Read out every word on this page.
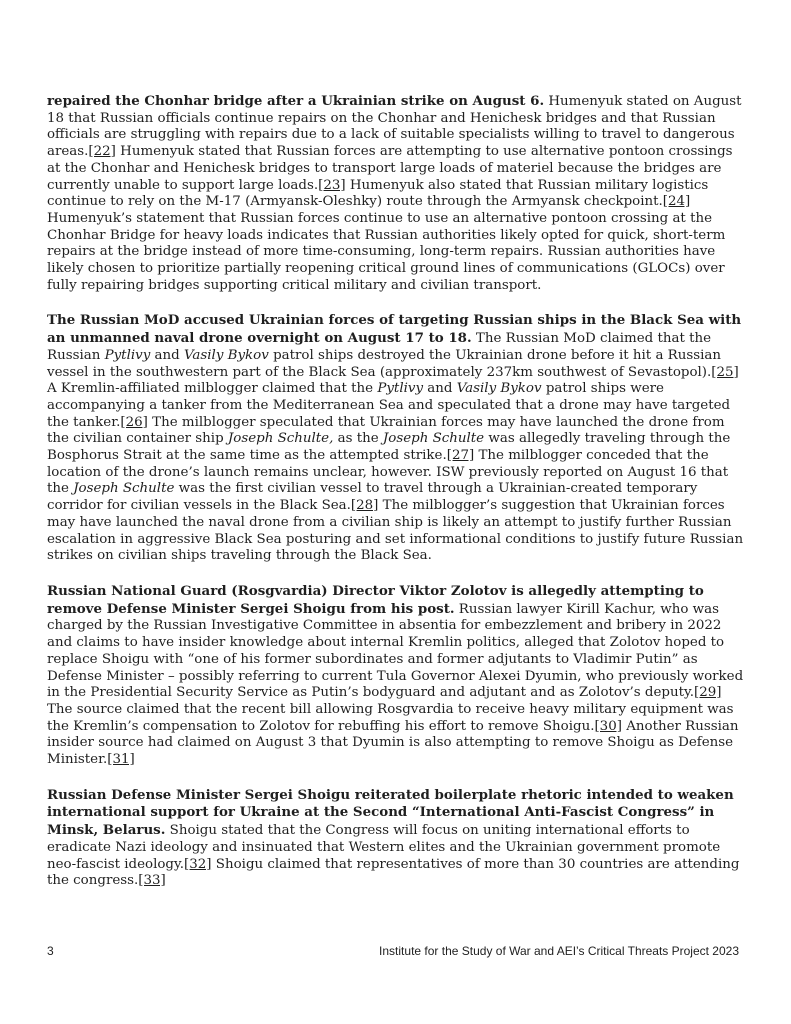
repaired the Chonhar bridge after a Ukrainian strike on August 6. Humenyuk stated on August 18 that Russian officials continue repairs on the Chonhar and Henichesk bridges and that Russian officials are struggling with repairs due to a lack of suitable specialists willing to travel to dangerous areas.[22] Humenyuk stated that Russian forces are attempting to use alternative pontoon crossings at the Chonhar and Henichesk bridges to transport large loads of materiel because the bridges are currently unable to support large loads.[23] Humenyuk also stated that Russian military logistics continue to rely on the M-17 (Armyansk-Oleshky) route through the Armyansk checkpoint.[24] Humenyuk’s statement that Russian forces continue to use an alternative pontoon crossing at the Chonhar Bridge for heavy loads indicates that Russian authorities likely opted for quick, short-term repairs at the bridge instead of more time-consuming, long-term repairs. Russian authorities have likely chosen to prioritize partially reopening critical ground lines of communications (GLOCs) over fully repairing bridges supporting critical military and civilian transport.

The Russian MoD accused Ukrainian forces of targeting Russian ships in the Black Sea with an unmanned naval drone overnight on August 17 to 18. The Russian MoD claimed that the Russian Pytlivy and Vasily Bykov patrol ships destroyed the Ukrainian drone before it hit a Russian vessel in the southwestern part of the Black Sea (approximately 237km southwest of Sevastopol).[25] A Kremlin-affiliated milblogger claimed that the Pytlivy and Vasily Bykov patrol ships were accompanying a tanker from the Mediterranean Sea and speculated that a drone may have targeted the tanker.[26] The milblogger speculated that Ukrainian forces may have launched the drone from the civilian container ship Joseph Schulte, as the Joseph Schulte was allegedly traveling through the Bosphorus Strait at the same time as the attempted strike.[27] The milblogger conceded that the location of the drone’s launch remains unclear, however. ISW previously reported on August 16 that the Joseph Schulte was the first civilian vessel to travel through a Ukrainian-created temporary corridor for civilian vessels in the Black Sea.[28] The milblogger’s suggestion that Ukrainian forces may have launched the naval drone from a civilian ship is likely an attempt to justify further Russian escalation in aggressive Black Sea posturing and set informational conditions to justify future Russian strikes on civilian ships traveling through the Black Sea.

Russian National Guard (Rosgvardia) Director Viktor Zolotov is allegedly attempting to remove Defense Minister Sergei Shoigu from his post. Russian lawyer Kirill Kachur, who was charged by the Russian Investigative Committee in absentia for embezzlement and bribery in 2022 and claims to have insider knowledge about internal Kremlin politics, alleged that Zolotov hoped to replace Shoigu with “one of his former subordinates and former adjutants to Vladimir Putin” as Defense Minister – possibly referring to current Tula Governor Alexei Dyumin, who previously worked in the Presidential Security Service as Putin’s bodyguard and adjutant and as Zolotov’s deputy.[29] The source claimed that the recent bill allowing Rosgvardia to receive heavy military equipment was the Kremlin’s compensation to Zolotov for rebuffing his effort to remove Shoigu.[30] Another Russian insider source had claimed on August 3 that Dyumin is also attempting to remove Shoigu as Defense Minister.[31]

Russian Defense Minister Sergei Shoigu reiterated boilerplate rhetoric intended to weaken international support for Ukraine at the Second “International Anti-Fascist Congress” in Minsk, Belarus. Shoigu stated that the Congress will focus on uniting international efforts to eradicate Nazi ideology and insinuated that Western elites and the Ukrainian government promote neo-fascist ideology.[32] Shoigu claimed that representatives of more than 30 countries are attending the congress.[33]

3	Institute for the Study of War and AEI’s Critical Threats Project 2023
